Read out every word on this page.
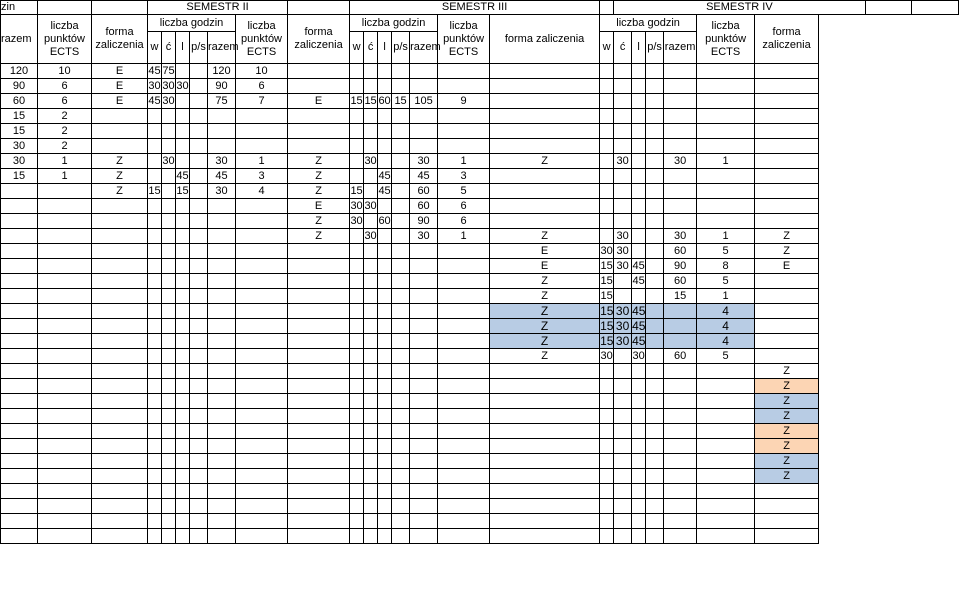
zin			SEMESTR II							SEMESTR III								SEMESTR IV							
razem	liczba punktów ECTS	forma zaliczenia	liczba godzin					liczba punktów ECTS	forma zaliczenia	liczba godzin					liczba punktów ECTS	forma zaliczenia	liczba godzin					liczba punktów ECTS	forma zaliczenia		
			w	ć	l	p/s	razem			w	ć	l	p/s	razem			w	ć	l	p/s	razem				
120	10	E	45	75			120	10																	
90	6	E	30	30	30		90	6																	
60	6	E	45	30			75	7	E	15	15	60	15	105	9										
15	2																								
15	2																								
30	2																								
30	1	Z		30			30	1	Z		30			30	1	Z		30			30	1			
15	1	Z			45		45	3	Z			45		45	3										
		Z	15		15		30	4	Z	15		45		60	5										
									E	30	30			60	6										
									Z	30		60		90	6										
									Z		30			30	1	Z		30			30	1	Z		
																E	30	30			60	5	Z		
																E	15	30	45		90	8	E		
																Z	15		45		60	5			
																Z	15				15	1			
																Z	15	30	45			4			
																Z	15	30	45			4			
																Z	15	30	45			4			
																Z	30		30		60	5			
																							Z		
																							Z		
																							Z		
																							Z		
																							Z		
																							Z		
																							Z		
																							Z		
